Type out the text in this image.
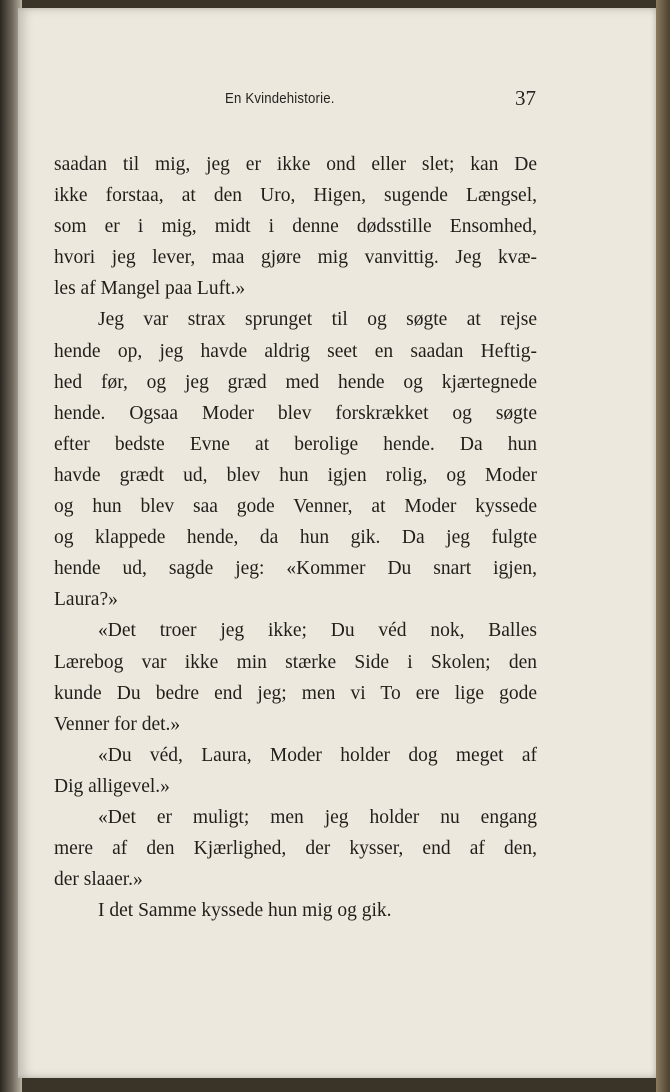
En Kvindehistorie.	37
saadan til mig, jeg er ikke ond eller slet; kan De
ikke forstaa, at den Uro, Higen, sugende Længsel,
som er i mig, midt i denne dødsstille Ensomhed,
hvori jeg lever, maa gjøre mig vanvittig. Jeg kvæ-
les af Mangel paa Luft.»
Jeg var strax sprunget til og søgte at rejse
hende op, jeg havde aldrig seet en saadan Heftig-
hed før, og jeg græd med hende og kjærtegnede
hende. Ogsaa Moder blev forskrækket og søgte
efter bedste Evne at berolige hende. Da hun
havde grædt ud, blev hun igjen rolig, og Moder
og hun blev saa gode Venner, at Moder kyssede
og klappede hende, da hun gik. Da jeg fulgte
hende ud, sagde jeg: «Kommer Du snart igjen,
Laura?»
«Det troer jeg ikke; Du véd nok, Balles
Lærebog var ikke min stærke Side i Skolen; den
kunde Du bedre end jeg; men vi To ere lige gode
Venner for det.»
«Du véd, Laura, Moder holder dog meget af
Dig alligevel.»
«Det er muligt; men jeg holder nu engang
mere af den Kjærlighed, der kysser, end af den,
der slaaer.»
I det Samme kyssede hun mig og gik.
